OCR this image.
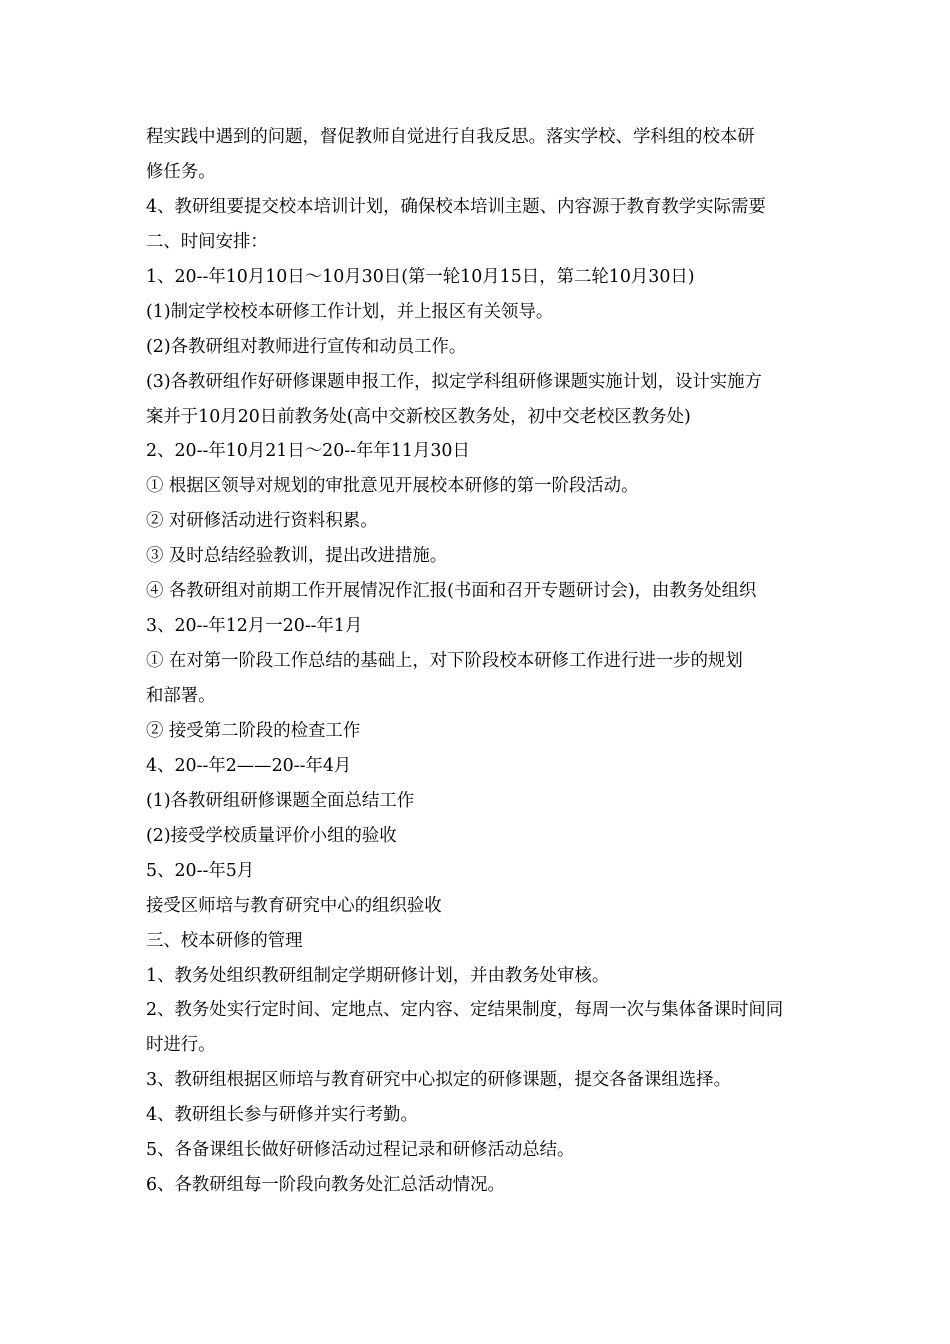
程实践中遇到的问题，督促教师自觉进行自我反思。落实学校、学科组的校本研
修任务。
4、教研组要提交校本培训计划，确保校本培训主题、内容源于教育教学实际需要
二、时间安排：
1、20--年10月10日～10月30日(第一轮10月15日，第二轮10月30日)
(1)制定学校校本研修工作计划，并上报区有关领导。
(2)各教研组对教师进行宣传和动员工作。
(3)各教研组作好研修课题申报工作，拟定学科组研修课题实施计划，设计实施方
案并于10月20日前教务处(高中交新校区教务处，初中交老校区教务处)
2、20--年10月21日～20--年年11月30日
① 根据区领导对规划的审批意见开展校本研修的第一阶段活动。
② 对研修活动进行资料积累。
③ 及时总结经验教训，提出改进措施。
④ 各教研组对前期工作开展情况作汇报(书面和召开专题研讨会)，由教务处组织
3、20--年12月一20--年1月
① 在对第一阶段工作总结的基础上，对下阶段校本研修工作进行进一步的规划
和部署。
② 接受第二阶段的检查工作
4、20--年2——20--年4月
(1)各教研组研修课题全面总结工作
(2)接受学校质量评价小组的验收
5、20--年5月
接受区师培与教育研究中心的组织验收
三、校本研修的管理
1、教务处组织教研组制定学期研修计划，并由教务处审核。
2、教务处实行定时间、定地点、定内容、定结果制度，每周一次与集体备课时间同
时进行。
3、教研组根据区师培与教育研究中心拟定的研修课题，提交各备课组选择。
4、教研组长参与研修并实行考勤。
5、各备课组长做好研修活动过程记录和研修活动总结。
6、各教研组每一阶段向教务处汇总活动情况。
